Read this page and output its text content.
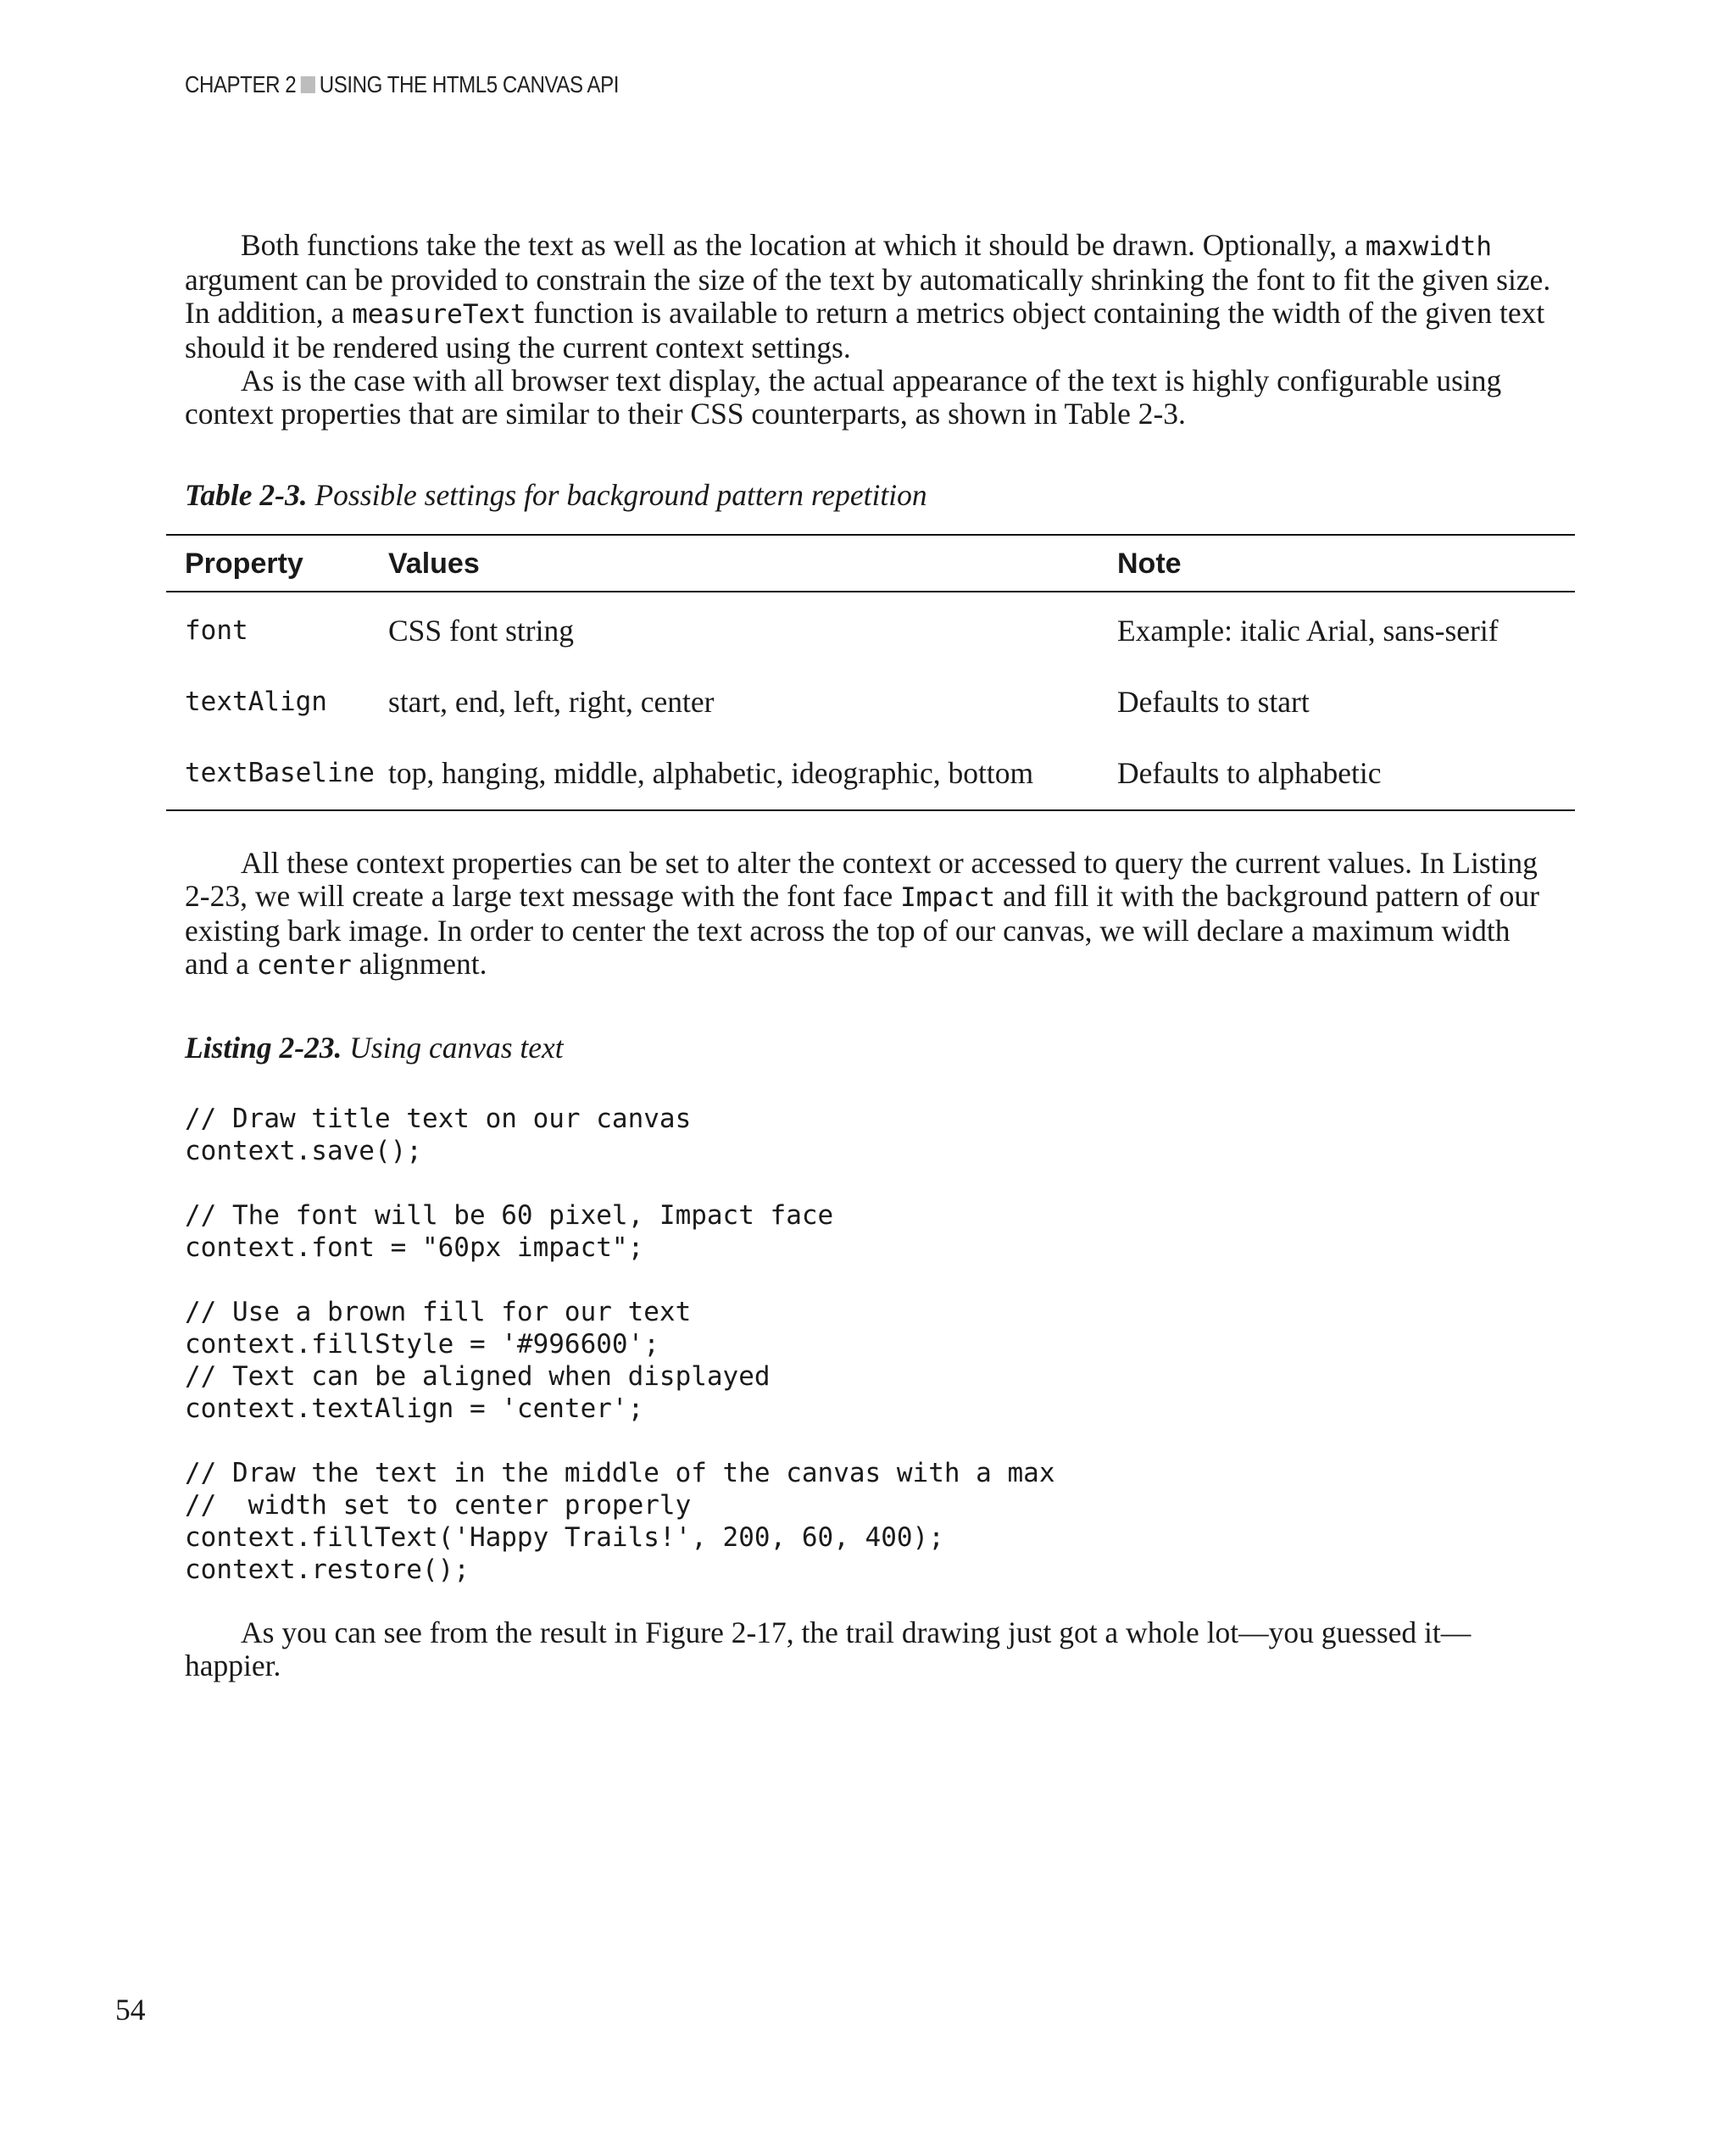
CHAPTER 2 USING THE HTML5 CANVAS API

Both functions take the text as well as the location at which it should be drawn. Optionally, a maxwidth argument can be provided to constrain the size of the text by automatically shrinking the font to fit the given size. In addition, a measureText function is available to return a metrics object containing the width of the given text should it be rendered using the current context settings.

As is the case with all browser text display, the actual appearance of the text is highly configurable using context properties that are similar to their CSS counterparts, as shown in Table 2-3.

Table 2-3. Possible settings for background pattern repetition

Property	Values	Note
font	CSS font string	Example: italic Arial, sans-serif
textAlign	start, end, left, right, center	Defaults to start
textBaseline	top, hanging, middle, alphabetic, ideographic, bottom	Defaults to alphabetic

All these context properties can be set to alter the context or accessed to query the current values. In Listing 2-23, we will create a large text message with the font face Impact and fill it with the background pattern of our existing bark image. In order to center the text across the top of our canvas, we will declare a maximum width and a center alignment.

Listing 2-23. Using canvas text

// Draw title text on our canvas
context.save();

// The font will be 60 pixel, Impact face
context.font = "60px impact";

// Use a brown fill for our text
context.fillStyle = '#996600';
// Text can be aligned when displayed
context.textAlign = 'center';

// Draw the text in the middle of the canvas with a max
//  width set to center properly
context.fillText('Happy Trails!', 200, 60, 400);
context.restore();

As you can see from the result in Figure 2-17, the trail drawing just got a whole lot—you guessed it—happier.

54
